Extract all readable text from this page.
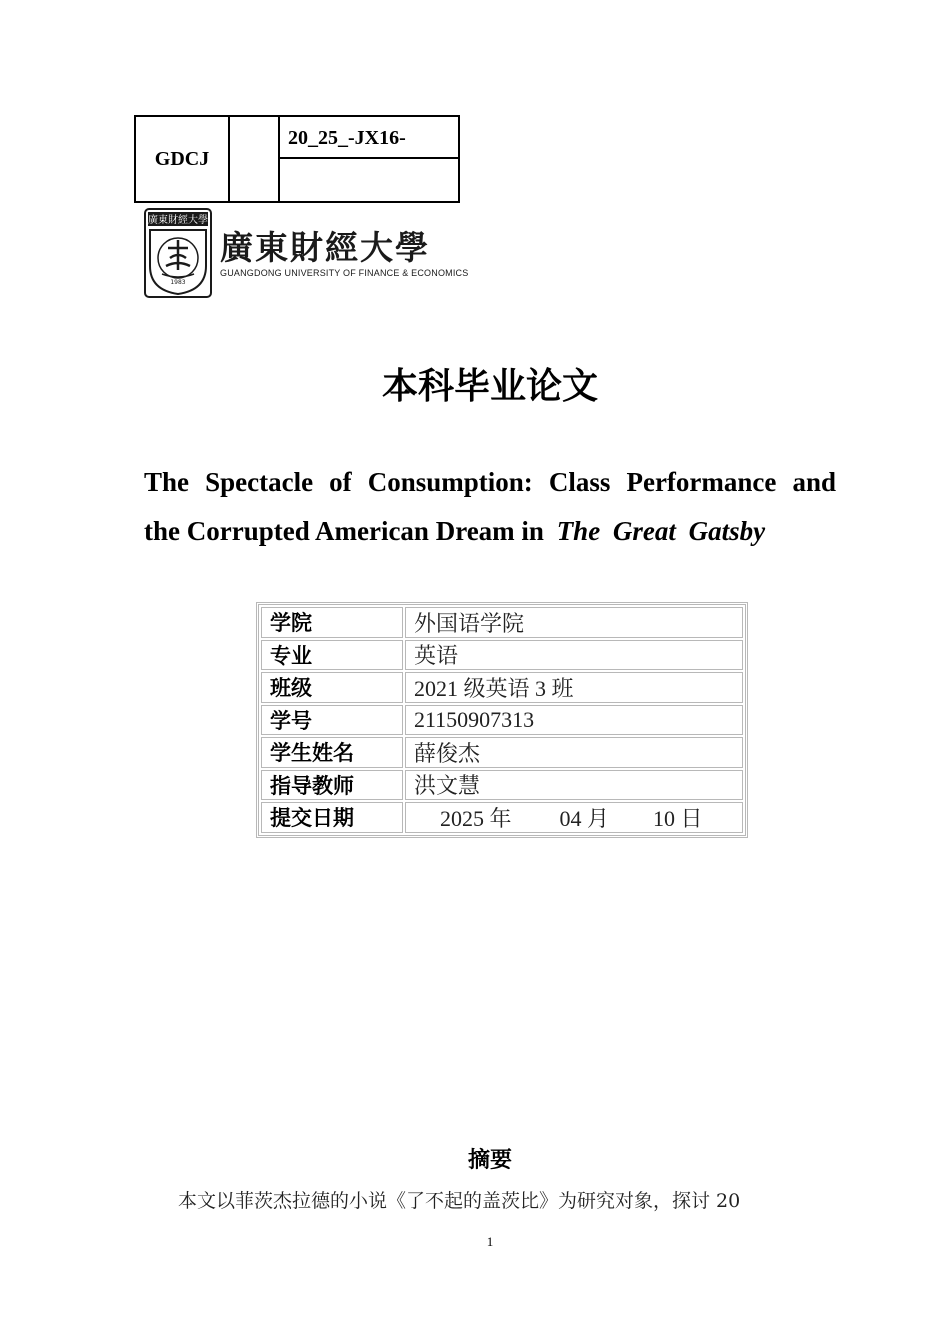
GDCJ
20_25_-JX16-
廣東財經大學
1983
廣東財經大學
GUANGDONG UNIVERSITY OF FINANCE & ECONOMICS
本科毕业论文
The Spectacle of Consumption: Class Performance and
the Corrupted American Dream in The Great Gatsby
学院	外国语学院
专业	英语
班级	2021 级英语 3 班
学号	21150907313
学生姓名	薛俊杰
指导教师	洪文慧
提交日期	2025 年 04 月 10 日
摘要
本文以菲茨杰拉德的小说《了不起的盖茨比》为研究对象，探讨 20
1
